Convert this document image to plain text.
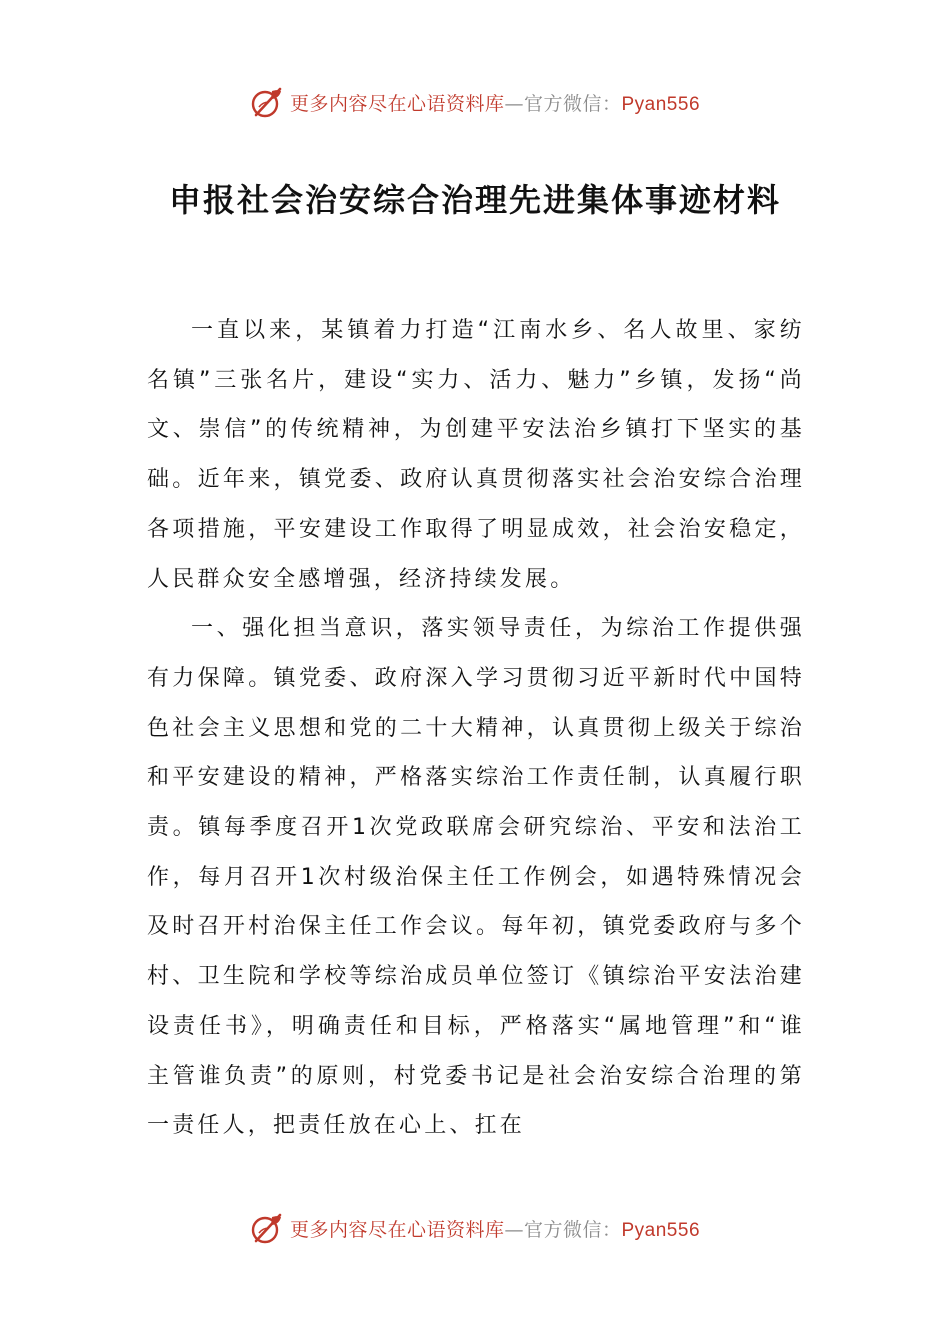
更多内容尽在心语资料库—官方微信：Pyan556
申报社会治安综合治理先进集体事迹材料

一直以来，某镇着力打造“江南水乡、名人故里、家纺名镇”三张名片，建设“实力、活力、魅力”乡镇，发扬“尚文、崇信”的传统精神，为创建平安法治乡镇打下坚实的基础。近年来，镇党委、政府认真贯彻落实社会治安综合治理各项措施，平安建设工作取得了明显成效，社会治安稳定，人民群众安全感增强，经济持续发展。

一、强化担当意识，落实领导责任，为综治工作提供强有力保障。镇党委、政府深入学习贯彻习近平新时代中国特色社会主义思想和党的二十大精神，认真贯彻上级关于综治和平安建设的精神，严格落实综治工作责任制，认真履行职责。镇每季度召开1次党政联席会研究综治、平安和法治工作，每月召开1次村级治保主任工作例会，如遇特殊情况会及时召开村治保主任工作会议。每年初，镇党委政府与多个村、卫生院和学校等综治成员单位签订《镇综治平安法治建设责任书》，明确责任和目标，严格落实“属地管理”和“谁主管谁负责”的原则，村党委书记是社会治安综合治理的第一责任人，把责任放在心上、扛在

更多内容尽在心语资料库—官方微信：Pyan556
